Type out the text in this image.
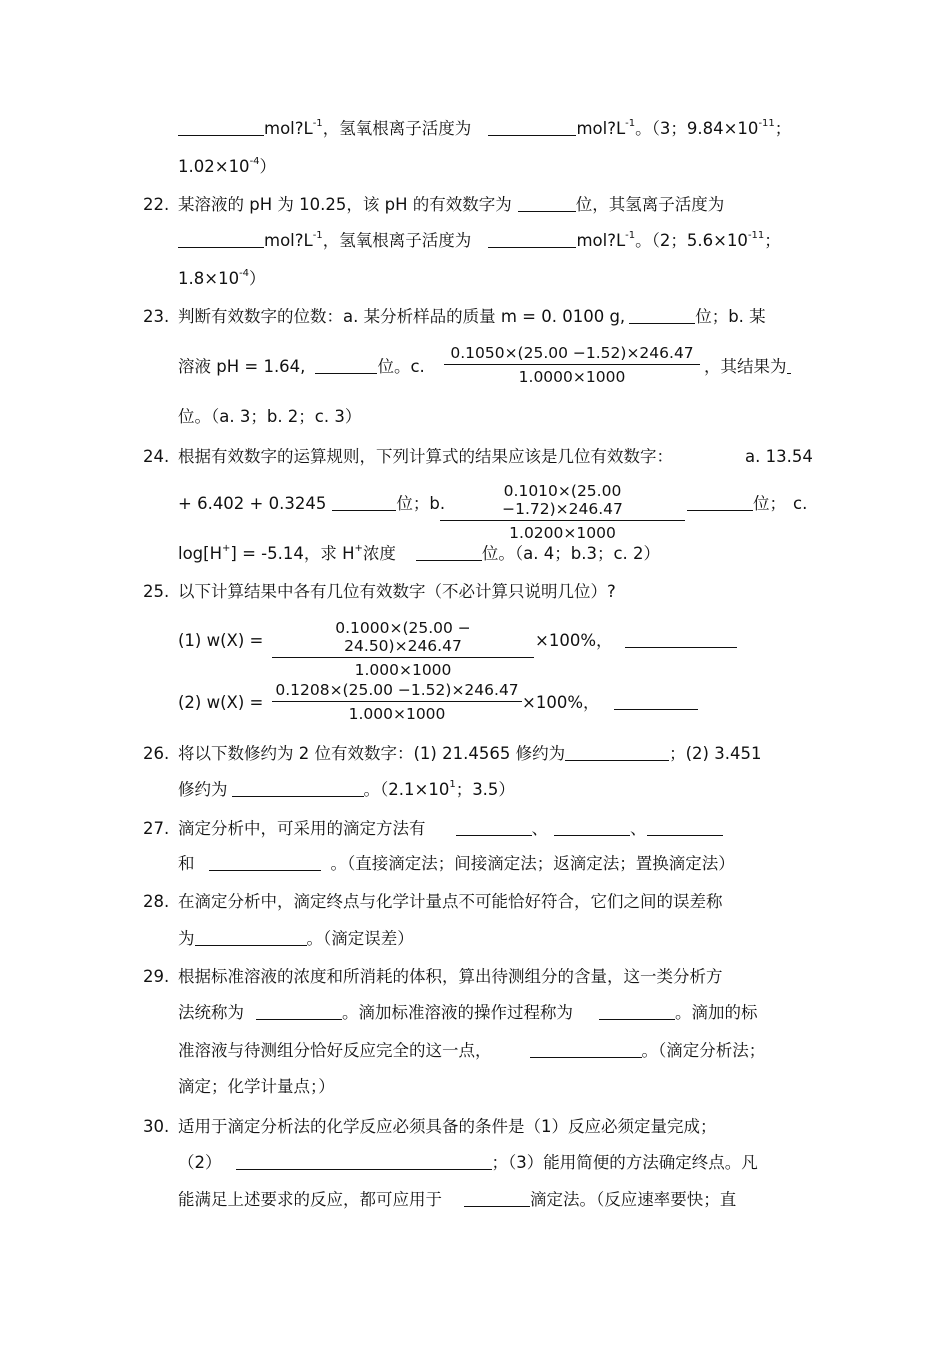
$mol?L^{-1}$，氢氧根离子活度为	$mol?L^{-1}$。（3；$9.84\times 10^{-11}$；
$1.02\times 10^{-4}$）
22. 某溶液的 pH 为 10.25，该 pH 的有效数字为	位，其氢离子活度为
$mol?L^{-1}$，氢氧根离子活度为	$mol?L^{-1}$。（2；$5.6\times 10^{-11}$；
$1.8\times 10^{-4}$）
23. 判断有效数字的位数：a. 某分析样品的质量 m = 0. 0100 g,	位；b. 某
溶液 pH = 1.64,	位。c. $\frac{0.1050\times(25.00 -1.52)\times 246.47}{1.0000\times 1000}$ ，其结果为
位。（a. 3；b. 2；c. 3）
24. 根据有效数字的运算规则，下列计算式的结果应该是几位有效数字：	a. 13.54
+ 6.402 + 0.3245	位；b.
$\frac{0.1010\times(25.00 -1.72)\times 246.47}{1.0200\times 1000}$	位； c.
log[H+] = -5.14，求 H+浓度	位。（a. 4；b.3；c. 2）
25. 以下计算结果中各有几位有效数字（不必计算只说明几位）?
(1) $w(X) = \frac{0.1000\times(25.00 - 24.50)\times 246.47}{1.000\times 1000} \times 100\%$，
(2) $w(X) = \frac{0.1208\times(25.00 -1.52)\times 246.47}{1.000\times 1000} \times 100\%$，
26. 将以下数修约为 2 位有效数字：(1) 21.4565 修约为	；(2) 3.451
修约为	。（$2.1\times 10^1$；3.5）
27. 滴定分析中，可采用的滴定方法有	、	、
和	。（直接滴定法；间接滴定法；返滴定法；置换滴定法）
28. 在滴定分析中，滴定终点与化学计量点不可能恰好符合，它们之间的误差称
为	。（滴定误差）
29. 根据标准溶液的浓度和所消耗的体积，算出待测组分的含量，这一类分析方
法统称为	。滴加标准溶液的操作过程称为	。滴加的标
准溶液与待测组分恰好反应完全的这一点，	。（滴定分析法；
滴定；化学计量点；）
30. 适用于滴定分析法的化学反应必须具备的条件是（1）反应必须定量完成；
（2）	；（3）能用简便的方法确定终点。凡
能满足上述要求的反应，都可应用于	滴定法。（反应速率要快；直
